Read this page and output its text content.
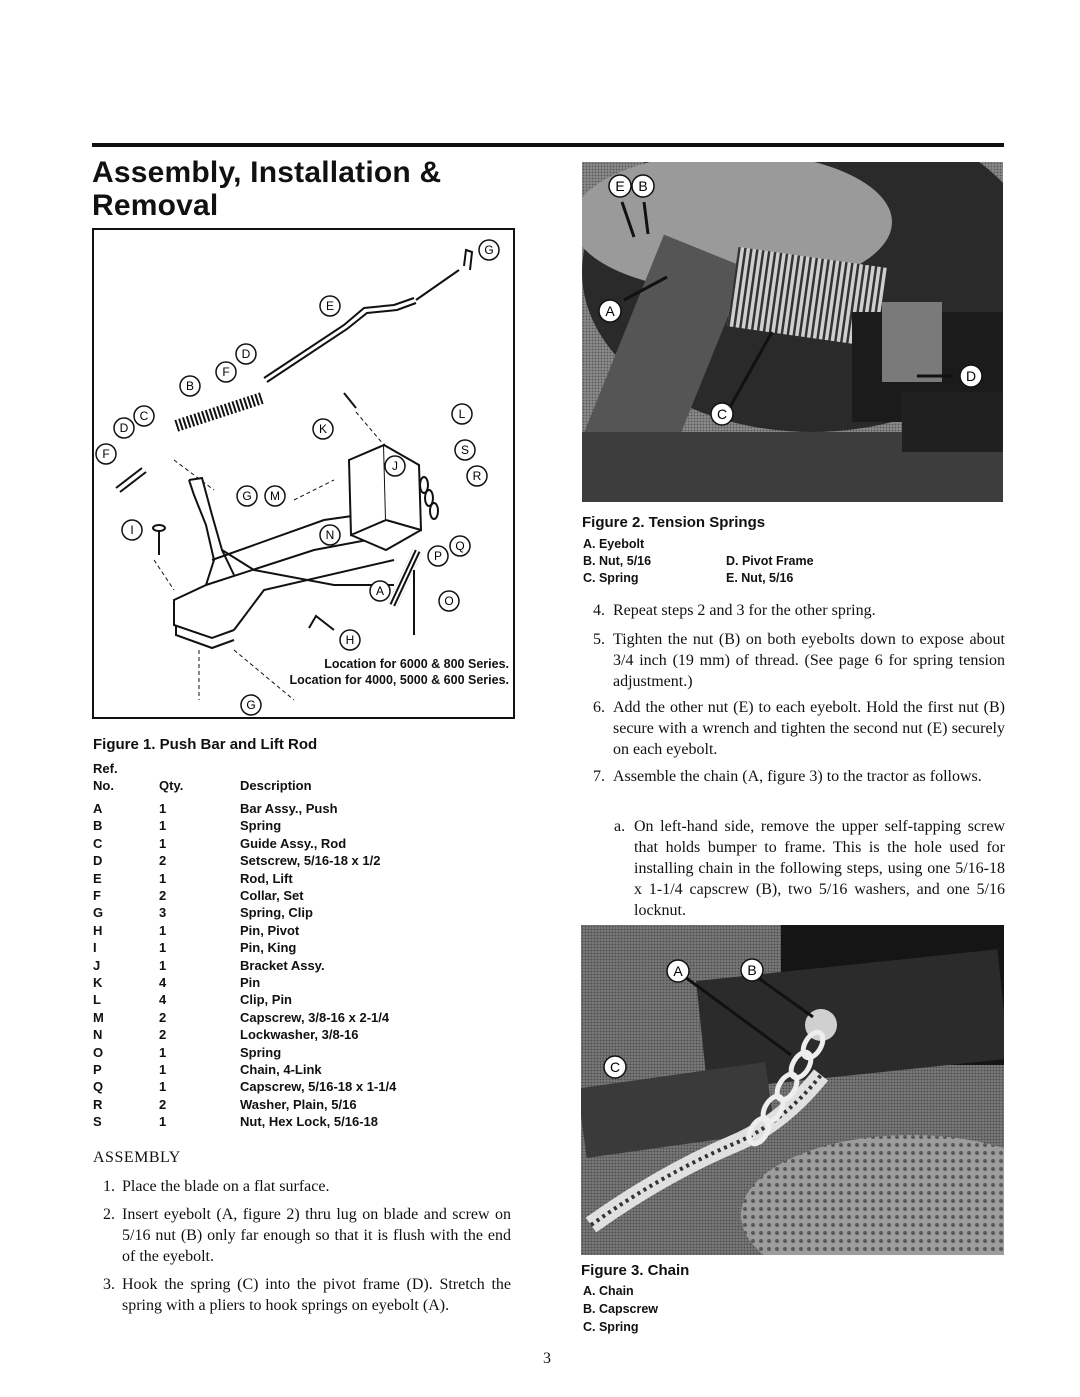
Assembly, Installation &
Removal
G
E
D
F
B
C
D
F
K
L
S
J
R
G M
I	N
P
Q
A
O
H
G
Location for 6000 & 800 Series.
Location for 4000, 5000 & 600 Series.
Figure 1. Push Bar and Lift Rod
Ref.
No.	Qty.	Description
A	1	Bar Assy., Push
B	1	Spring
C	1	Guide Assy., Rod
D	2	Setscrew, 5/16-18 x 1/2
E	1	Rod, Lift
F	2	Collar, Set
G	3	Spring, Clip
H	1	Pin, Pivot
I	1	Pin, King
J	1	Bracket Assy.
K	4	Pin
L	4	Clip, Pin
M	2	Capscrew, 3/8-16 x 2-1/4
N	2	Lockwasher, 3/8-16
O	1	Spring
P	1	Chain, 4-Link
Q	1	Capscrew, 5/16-18 x 1-1/4
R	2	Washer, Plain, 5/16
S	1	Nut, Hex Lock, 5/16-18
ASSEMBLY
1. Place the blade on a flat surface.
2. Insert eyebolt (A, figure 2) thru lug on blade and screw on 5/16 nut (B) only far enough so that it is flush with the end of the eyebolt.
3. Hook the spring (C) into the pivot frame (D). Stretch the spring with a pliers to hook springs on eyebolt (A).
E B
A
C
D
Figure 2. Tension Springs
A. Eyebolt
B. Nut, 5/16	D. Pivot Frame
C. Spring	E. Nut, 5/16
4. Repeat steps 2 and 3 for the other spring.
5. Tighten the nut (B) on both eyebolts down to expose about 3/4 inch (19 mm) of thread. (See page 6 for spring tension adjustment.)
6. Add the other nut (E) to each eyebolt. Hold the first nut (B) secure with a wrench and tighten the second nut (E) securely on each eyebolt.
7. Assemble the chain (A, figure 3) to the tractor as follows.
a. On left-hand side, remove the upper self-tapping screw that holds bumper to frame. This is the hole used for installing chain in the following steps, using one 5/16-18 x 1-1/4 capscrew (B), two 5/16 washers, and one 5/16 locknut.
A	B
C
Figure 3. Chain
A. Chain
B. Capscrew
C. Spring
3
